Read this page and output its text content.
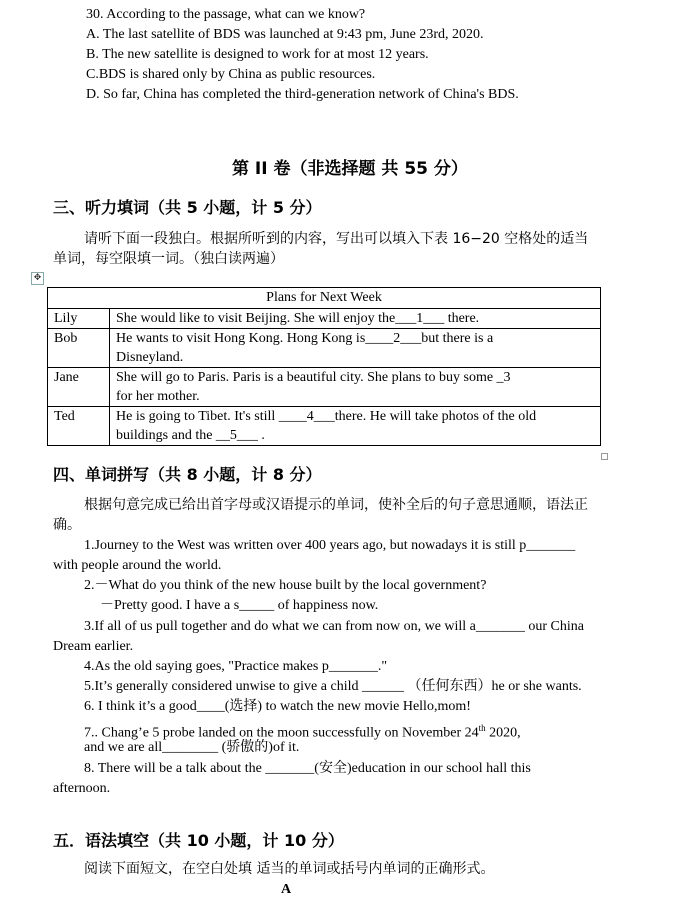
30. According to the passage, what can we know?
A. The last satellite of BDS was launched at 9:43 pm, June 23rd, 2020.
B. The new satellite is designed to work for at most 12 years.
C.BDS is shared only by China as public resources.
D. So far, China has completed the third-generation network of China's BDS.
第 II 卷（非选择题 共 55 分）
三、听力填词（共 5 小题，计 5 分）
请听下面一段独白。根据所听到的内容，写出可以填入下表 16−20 空格处的适当
单词，每空限填一词。（独白读两遍）
✥
Plans for Next Week	
Lily	She would like to visit Beijing. She will enjoy the___1___ there.
Bob	He wants to visit Hong Kong. Hong Kong is____2___but there is a
Disneyland.

Jane	She will go to Paris. Paris is a beautiful city. She plans to buy some _3
for her mother.

Ted	He is going to Tibet. It's still ____4___there. He will take photos of the old
buildings and the __5___ .
四、单词拼写（共 8 小题，计 8 分）
根据句意完成已给出首字母或汉语提示的单词，使补全后的句子意思通顺，语法正
确。
1.Journey to the West was written over 400 years ago, but nowadays it is still p_______
with people around the world.
2.－What do you think of the new house built by the local government?
－Pretty good. I have a s_____ of happiness now.
3.If all of us pull together and do what we can from now on, we will a_______ our China
Dream earlier.
4.As the old saying goes, "Practice makes p_______."
5.It’s generally considered unwise to give a child ______ （任何东西）he or she wants.
6. I think it’s a good____(选择) to watch the new movie Hello,mom!
7.. Chang’e 5 probe landed on the moon successfully on November 24th 2020,
and we are all________ (骄傲的)of it.
8. There will be a talk about the _______(安全)education in our school hall this
afternoon.
五．语法填空（共 10 小题，计 10 分）
阅读下面短文，在空白处填 适当的单词或括号内单词的正确形式。
A
